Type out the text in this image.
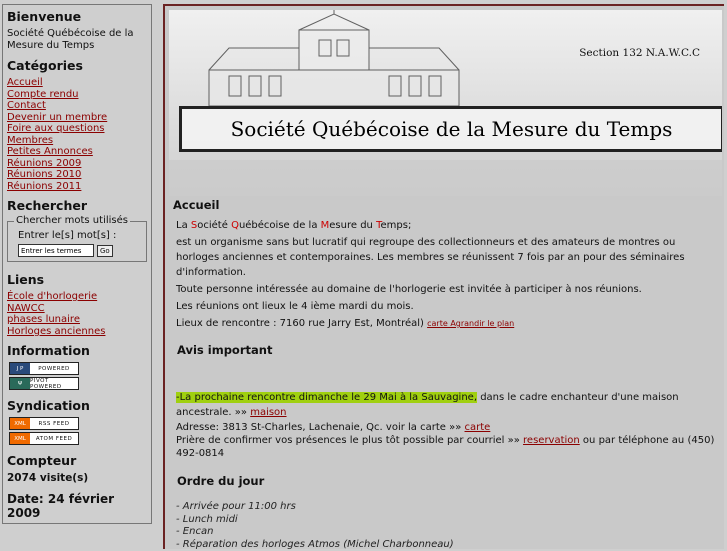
Bienvenue

Société Québécoise de la Mesure du Temps

Catégories
Accueil
Compte rendu
Contact
Devenir un membre
Foire aux questions
Membres
Petites Annonces
Réunions 2009
Réunions 2010
Réunions 2011
Rechercher
Chercher mots utilisés
Entrer le[s] mot[s] :
Entrer les termes
Go
Liens
École d'horlogerie
NAWCC
phases lunaire
Horloges anciennes
Information
J P	POWERED
Ψ	PIVOT POWERED
Syndication
XML	RSS FEED
XML	ATOM FEED
Compteur
2074 visite(s)
Date: 24 février 2009
Section 132 N.A.W.C.C
Société Québécoise de la Mesure du Temps
Accueil

La Société Québécoise de la Mesure du Temps;

est un organisme sans but lucratif qui regroupe des collectionneurs et des amateurs de montres ou horloges anciennes et contemporaines. Les membres se réunissent 7 fois par an pour des séminaires d'information.

Toute personne intéressée au domaine de l'horlogerie est invitée à participer à nos réunions.

Les réunions ont lieux le 4 ième mardi du mois.

Lieux de rencontre : 7160 rue Jarry Est, Montréal) carte Agrandir le plan

Avis important

-La prochaine rencontre dimanche le 29 Mai à la Sauvagine, dans le cadre enchanteur d'une maison ancestrale. »» maison

Adresse: 3813 St-Charles, Lachenaie, Qc. voir la carte »» carte

Prière de confirmer vos présences le plus tôt possible par courriel »» reservation ou par téléphone au (450) 492-0814

Ordre du jour
- Arrivée pour 11:00 hrs
- Lunch midi
- Encan
- Réparation des horloges Atmos (Michel Charbonneau)
